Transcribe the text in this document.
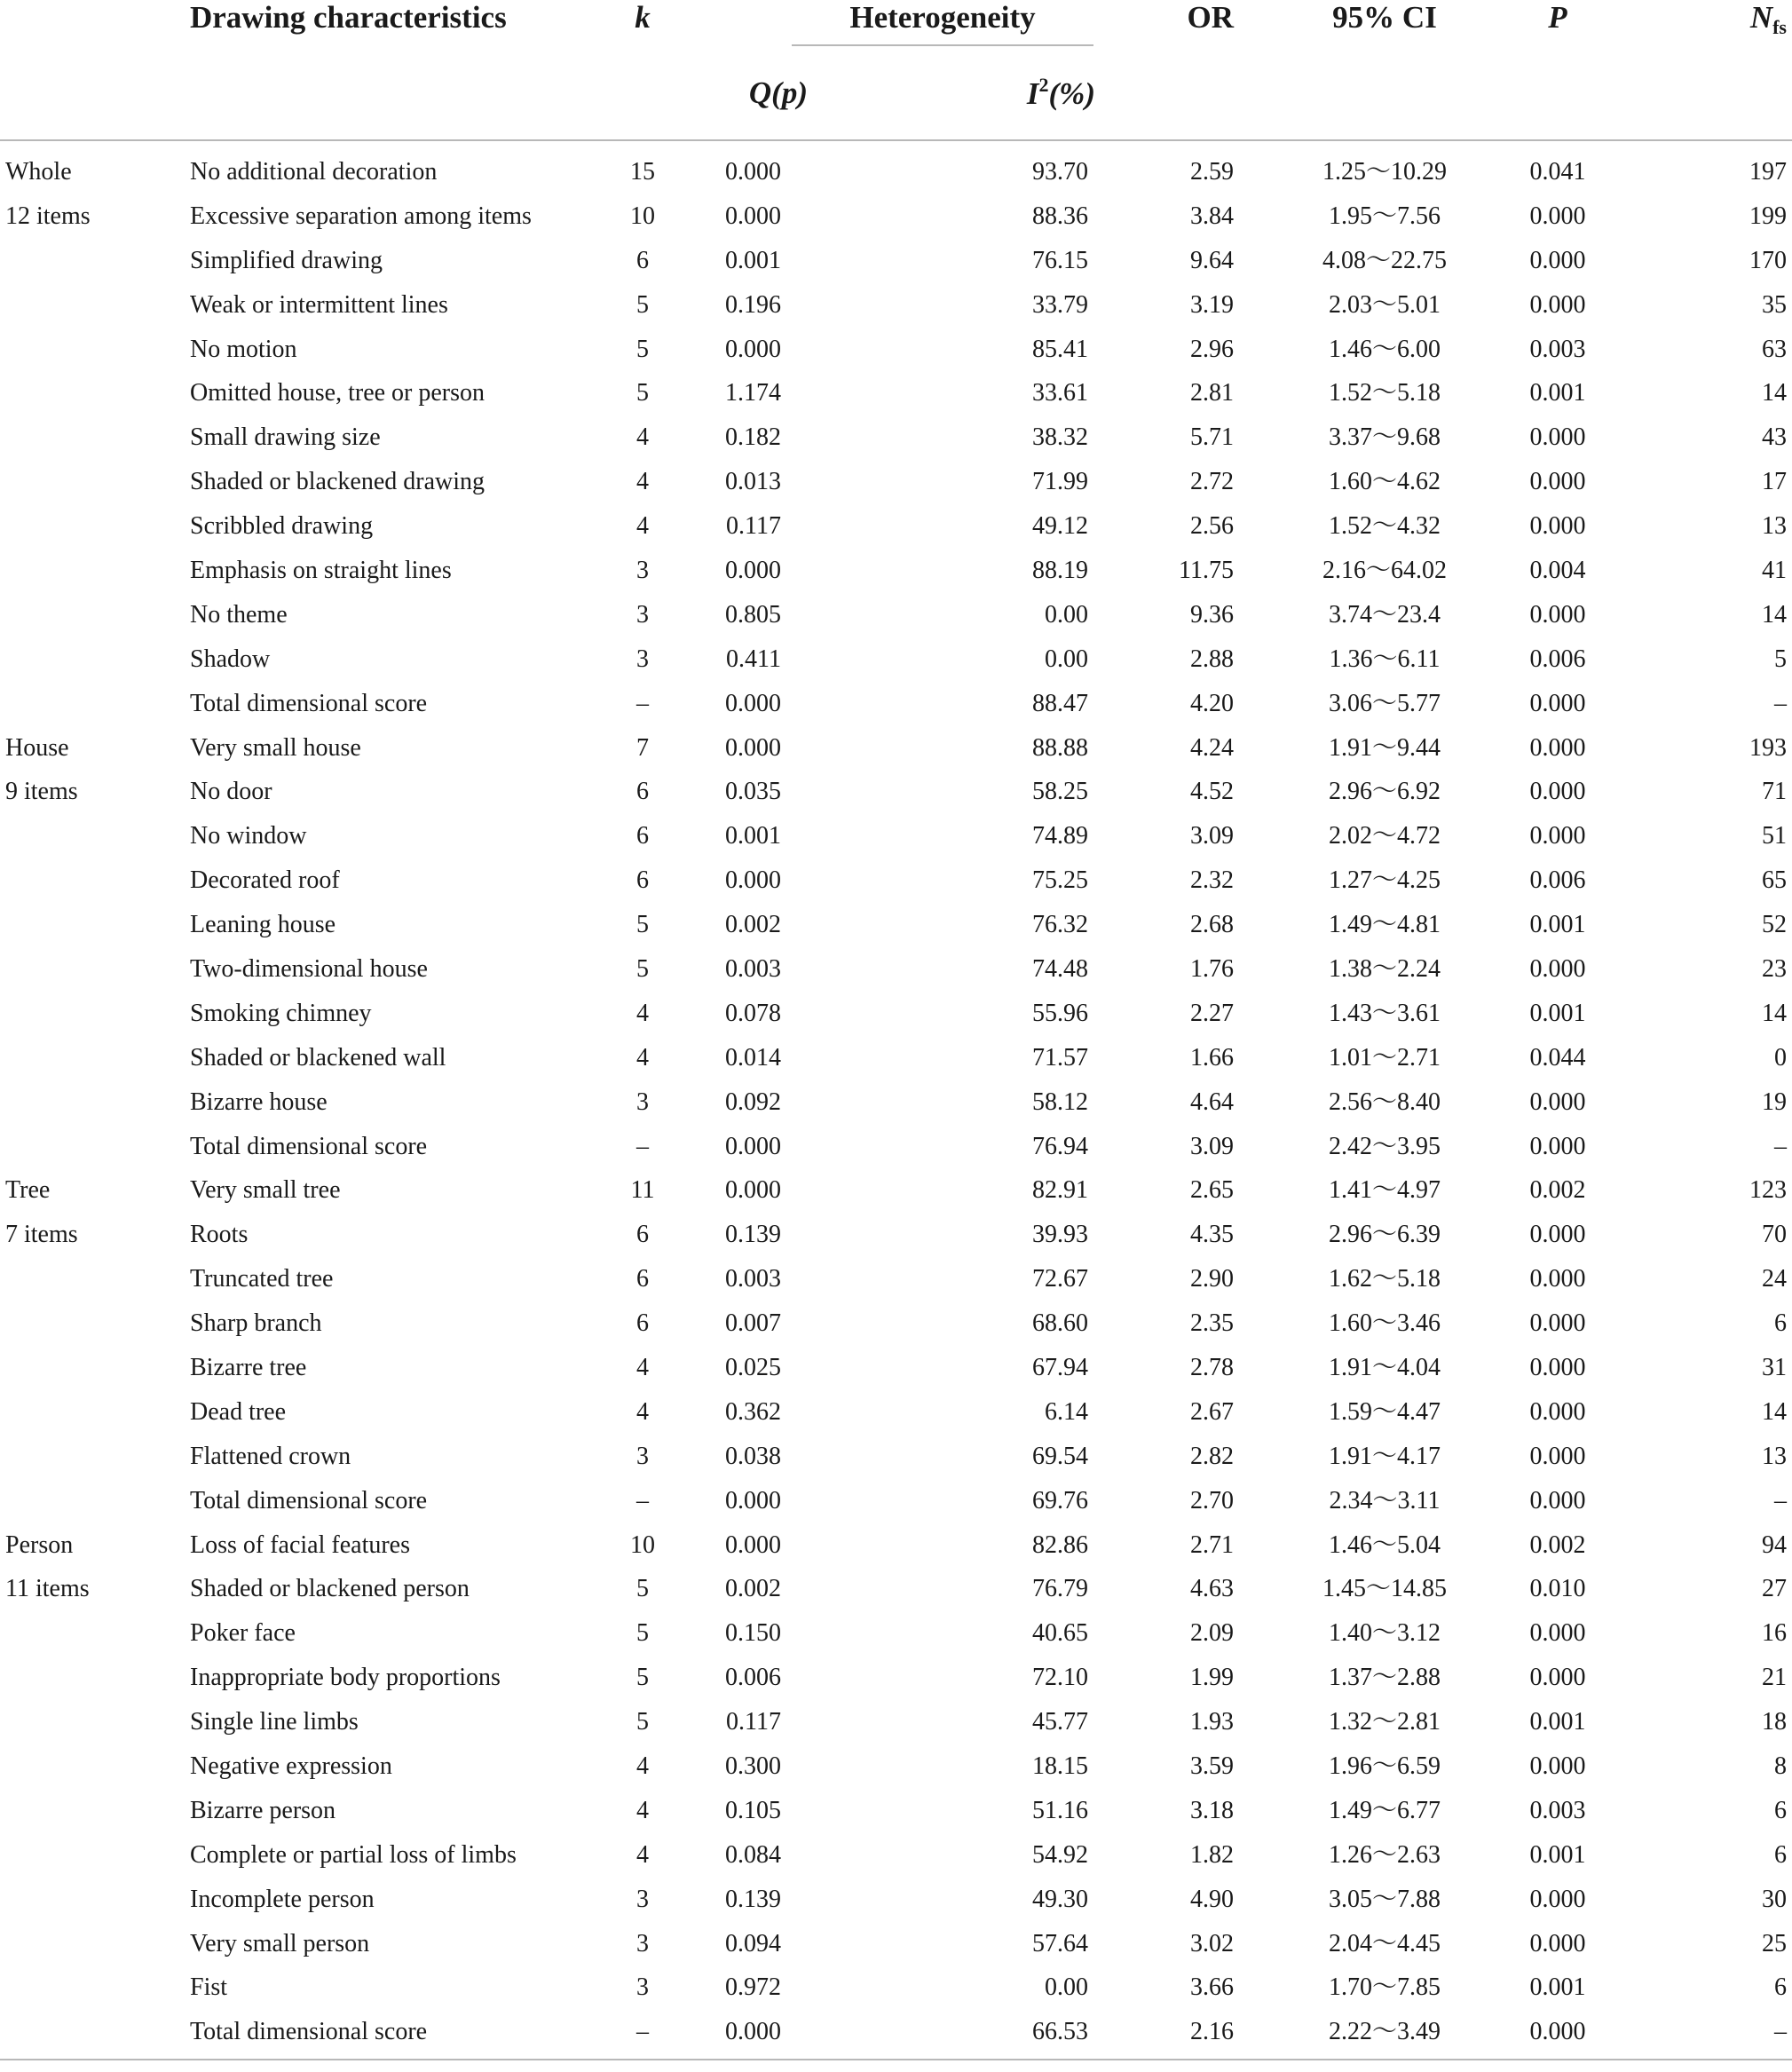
	Drawing characteristics	k	Heterogeneity		OR	95% CI	P	$N_{fs}$
			Q(p)	$I^2(\%)$				

Whole	No additional decoration	15	0.000	93.70	2.59	1.25～10.29	0.041	197
12 items	Excessive separation among items	10	0.000	88.36	3.84	1.95～7.56	0.000	199
	Simplified drawing	6	0.001	76.15	9.64	4.08～22.75	0.000	170
	Weak or intermittent lines	5	0.196	33.79	3.19	2.03～5.01	0.000	35
	No motion	5	0.000	85.41	2.96	1.46～6.00	0.003	63
	Omitted house, tree or person	5	1.174	33.61	2.81	1.52～5.18	0.001	14
	Small drawing size	4	0.182	38.32	5.71	3.37～9.68	0.000	43
	Shaded or blackened drawing	4	0.013	71.99	2.72	1.60～4.62	0.000	17
	Scribbled drawing	4	0.117	49.12	2.56	1.52～4.32	0.000	13
	Emphasis on straight lines	3	0.000	88.19	11.75	2.16～64.02	0.004	41
	No theme	3	0.805	0.00	9.36	3.74～23.4	0.000	14
	Shadow	3	0.411	0.00	2.88	1.36～6.11	0.006	5
	Total dimensional score	–	0.000	88.47	4.20	3.06～5.77	0.000	–
House	Very small house	7	0.000	88.88	4.24	1.91～9.44	0.000	193
9 items	No door	6	0.035	58.25	4.52	2.96～6.92	0.000	71
	No window	6	0.001	74.89	3.09	2.02～4.72	0.000	51
	Decorated roof	6	0.000	75.25	2.32	1.27～4.25	0.006	65
	Leaning house	5	0.002	76.32	2.68	1.49～4.81	0.001	52
	Two-dimensional house	5	0.003	74.48	1.76	1.38～2.24	0.000	23
	Smoking chimney	4	0.078	55.96	2.27	1.43～3.61	0.001	14
	Shaded or blackened wall	4	0.014	71.57	1.66	1.01～2.71	0.044	0
	Bizarre house	3	0.092	58.12	4.64	2.56～8.40	0.000	19
	Total dimensional score	–	0.000	76.94	3.09	2.42～3.95	0.000	–
Tree	Very small tree	11	0.000	82.91	2.65	1.41～4.97	0.002	123
7 items	Roots	6	0.139	39.93	4.35	2.96～6.39	0.000	70
	Truncated tree	6	0.003	72.67	2.90	1.62～5.18	0.000	24
	Sharp branch	6	0.007	68.60	2.35	1.60～3.46	0.000	6
	Bizarre tree	4	0.025	67.94	2.78	1.91～4.04	0.000	31
	Dead tree	4	0.362	6.14	2.67	1.59～4.47	0.000	14
	Flattened crown	3	0.038	69.54	2.82	1.91～4.17	0.000	13
	Total dimensional score	–	0.000	69.76	2.70	2.34～3.11	0.000	–
Person	Loss of facial features	10	0.000	82.86	2.71	1.46～5.04	0.002	94
11 items	Shaded or blackened person	5	0.002	76.79	4.63	1.45～14.85	0.010	27
	Poker face	5	0.150	40.65	2.09	1.40～3.12	0.000	16
	Inappropriate body proportions	5	0.006	72.10	1.99	1.37～2.88	0.000	21
	Single line limbs	5	0.117	45.77	1.93	1.32～2.81	0.001	18
	Negative expression	4	0.300	18.15	3.59	1.96～6.59	0.000	8
	Bizarre person	4	0.105	51.16	3.18	1.49～6.77	0.003	6
	Complete or partial loss of limbs	4	0.084	54.92	1.82	1.26～2.63	0.001	6
	Incomplete person	3	0.139	49.30	4.90	3.05～7.88	0.000	30
	Very small person	3	0.094	57.64	3.02	2.04～4.45	0.000	25
	Fist	3	0.972	0.00	3.66	1.70～7.85	0.001	6
	Total dimensional score	–	0.000	66.53	2.16	2.22～3.49	0.000	–
